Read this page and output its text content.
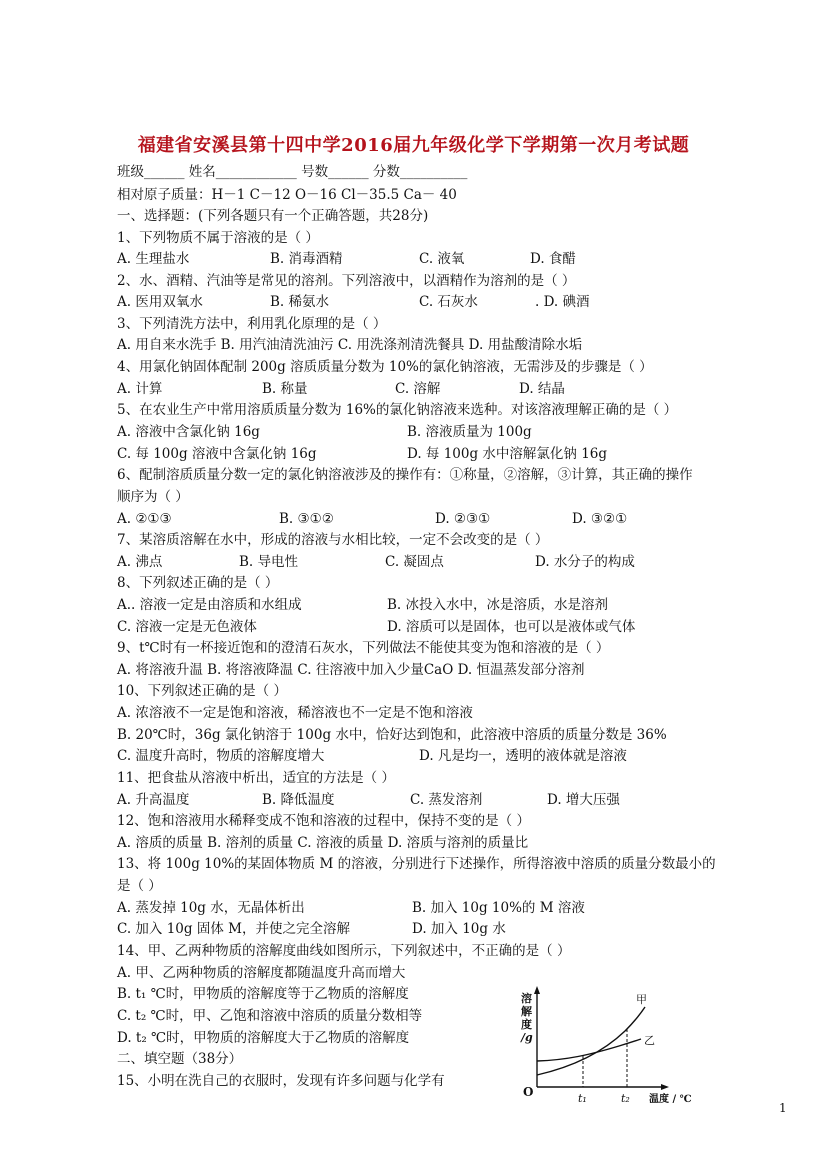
福建省安溪县第十四中学2016届九年级化学下学期第一次月考试题
班级______ 姓名____________ 号数______ 分数__________
相对原子质量：H－1 C－12 O－16 Cl－35.5 Ca－ 40
一、选择题：(下列各题只有一个正确答题，共28分)
1、下列物质不属于溶液的是（ ）
A. 生理盐水	B. 消毒酒精	C. 液氧	D. 食醋
2、水、酒精、汽油等是常见的溶剂。下列溶液中，以酒精作为溶剂的是（ ）
A. 医用双氧水	B. 稀氨水	C. 石灰水	. D. 碘酒
3、下列清洗方法中，利用乳化原理的是（ ）
A. 用自来水洗手 B. 用汽油清洗油污 C. 用洗涤剂清洗餐具 D. 用盐酸清除水垢
4、用氯化钠固体配制 200g 溶质质量分数为 10%的氯化钠溶液，无需涉及的步骤是（ ）
A. 计算	B. 称量	C. 溶解	D. 结晶
5、在农业生产中常用溶质质量分数为 16%的氯化钠溶液来选种。对该溶液理解正确的是（ ）
A. 溶液中含氯化钠 16g	B. 溶液质量为 100g
C. 每 100g 溶液中含氯化钠 16g	D. 每 100g 水中溶解氯化钠 16g
6、配制溶质质量分数一定的氯化钠溶液涉及的操作有：①称量，②溶解，③计算，其正确的操作
顺序为（ ）
A. ②①③	B. ③①②	D. ②③①	D. ③②①
7、某溶质溶解在水中，形成的溶液与水相比较，一定不会改变的是（ ）
A. 沸点	B. 导电性	C. 凝固点	D. 水分子的构成
8、下列叙述正确的是（ ）
A.. 溶液一定是由溶质和水组成	B. 冰投入水中，冰是溶质，水是溶剂
C. 溶液一定是无色液体	D. 溶质可以是固体，也可以是液体或气体
9、t℃时有一杯接近饱和的澄清石灰水，下列做法不能使其变为饱和溶液的是（ ）
A. 将溶液升温 B. 将溶液降温 C. 往溶液中加入少量CaO D. 恒温蒸发部分溶剂
10、下列叙述正确的是（ ）
A. 浓溶液不一定是饱和溶液，稀溶液也不一定是不饱和溶液
B. 20℃时，36g 氯化钠溶于 100g 水中，恰好达到饱和，此溶液中溶质的质量分数是 36%
C. 温度升高时，物质的溶解度增大	D. 凡是均一，透明的液体就是溶液
11、把食盐从溶液中析出，适宜的方法是（ ）
A. 升高温度	B. 降低温度	C. 蒸发溶剂	D. 增大压强
12、饱和溶液用水稀释变成不饱和溶液的过程中，保持不变的是（ ）
A. 溶质的质量 B. 溶剂的质量 C. 溶液的质量 D. 溶质与溶剂的质量比
13、将 100g 10%的某固体物质 M 的溶液，分别进行下述操作，所得溶液中溶质的质量分数最小的
是（ ）
A. 蒸发掉 10g 水，无晶体析出	B. 加入 10g 10%的 M 溶液
C. 加入 10g 固体 M，并使之完全溶解	D. 加入 10g 水
14、甲、乙两种物质的溶解度曲线如图所示，下列叙述中，不正确的是（ ）
A. 甲、乙两种物质的溶解度都随温度升高而增大
B. t₁ ℃时，甲物质的溶解度等于乙物质的溶解度
C. t₂ ℃时，甲、乙饱和溶液中溶质的质量分数相等
D. t₂ ℃时，甲物质的溶解度大于乙物质的溶解度
二、填空题（38分）
15、小明在洗自己的衣服时，发现有许多问题与化学有
溶
解
度
/g
O	t₁	t₂ 温度 / ℃
甲
乙
1
